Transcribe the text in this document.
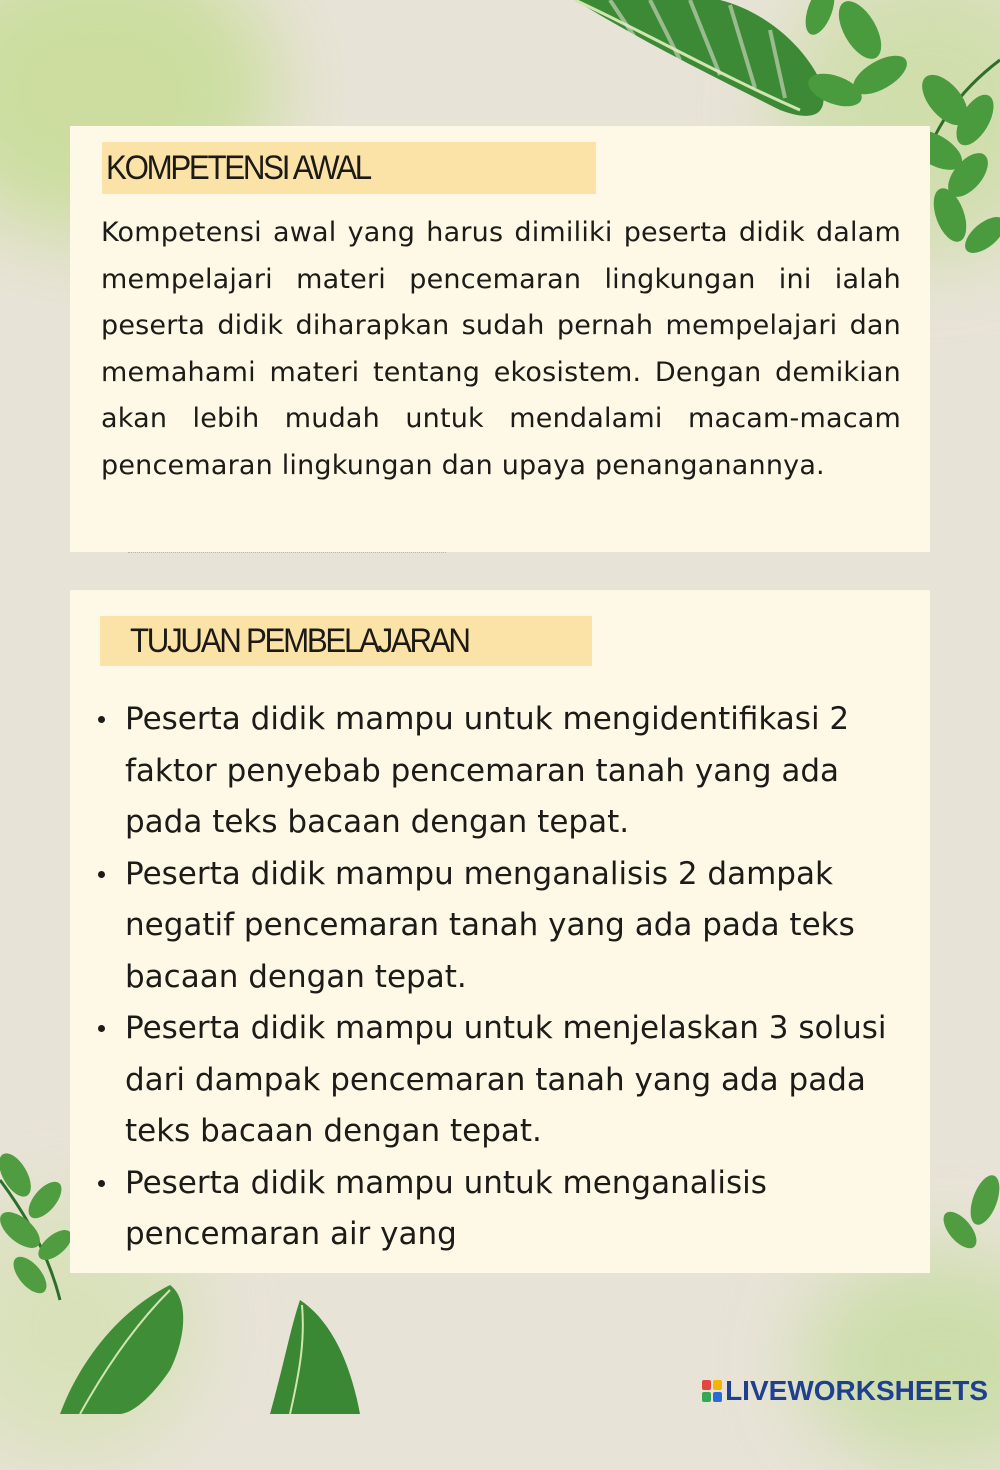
KOMPETENSI AWAL

Kompetensi awal yang harus dimiliki peserta didik dalam mempelajari materi pencemaran lingkungan ini ialah peserta didik diharapkan sudah pernah mempelajari dan memahami materi tentang ekosistem. Dengan demikian akan lebih mudah untuk mendalami macam-macam pencemaran lingkungan dan upaya penanganannya.

TUJUAN PEMBELAJARAN
Peserta didik mampu untuk mengidentifikasi 2 faktor penyebab pencemaran tanah yang ada pada teks bacaan dengan tepat.
Peserta didik mampu menganalisis 2 dampak negatif pencemaran tanah yang ada pada teks bacaan dengan tepat.
Peserta didik mampu untuk menjelaskan 3 solusi dari dampak pencemaran tanah yang ada pada teks bacaan dengan tepat.
Peserta didik mampu untuk menganalisis pencemaran air yang
LIVEWORKSHEETS
